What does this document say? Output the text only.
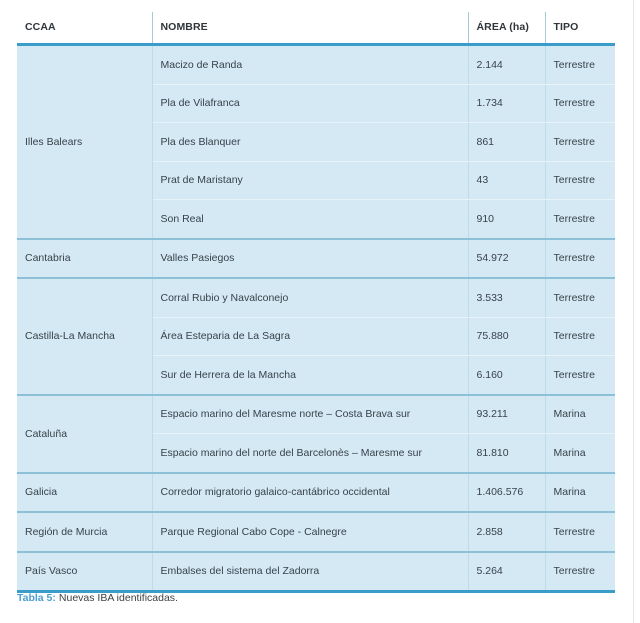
CCAA	NOMBRE	ÁREA (ha)	TIPO
Illes Balears	Macizo de Randa	2.144	Terrestre
	Pla de Vilafranca	1.734	Terrestre
	Pla des Blanquer	861	Terrestre
	Prat de Maristany	43	Terrestre
	Son Real	910	Terrestre
Cantabria	Valles Pasiegos	54.972	Terrestre
Castilla-La Mancha	Corral Rubio y Navalconejo	3.533	Terrestre
	Área Esteparia de La Sagra	75.880	Terrestre
	Sur de Herrera de la Mancha	6.160	Terrestre
Cataluña	Espacio marino del Maresme norte – Costa Brava sur	93.211	Marina
	Espacio marino del norte del Barcelonès – Maresme sur	81.810	Marina
Galicia	Corredor migratorio galaico-cantábrico occidental	1.406.576	Marina
Región de Murcia	Parque Regional Cabo Cope - Calnegre	2.858	Terrestre
País Vasco	Embalses del sistema del Zadorra	5.264	Terrestre
Tabla 5: Nuevas IBA identificadas.
